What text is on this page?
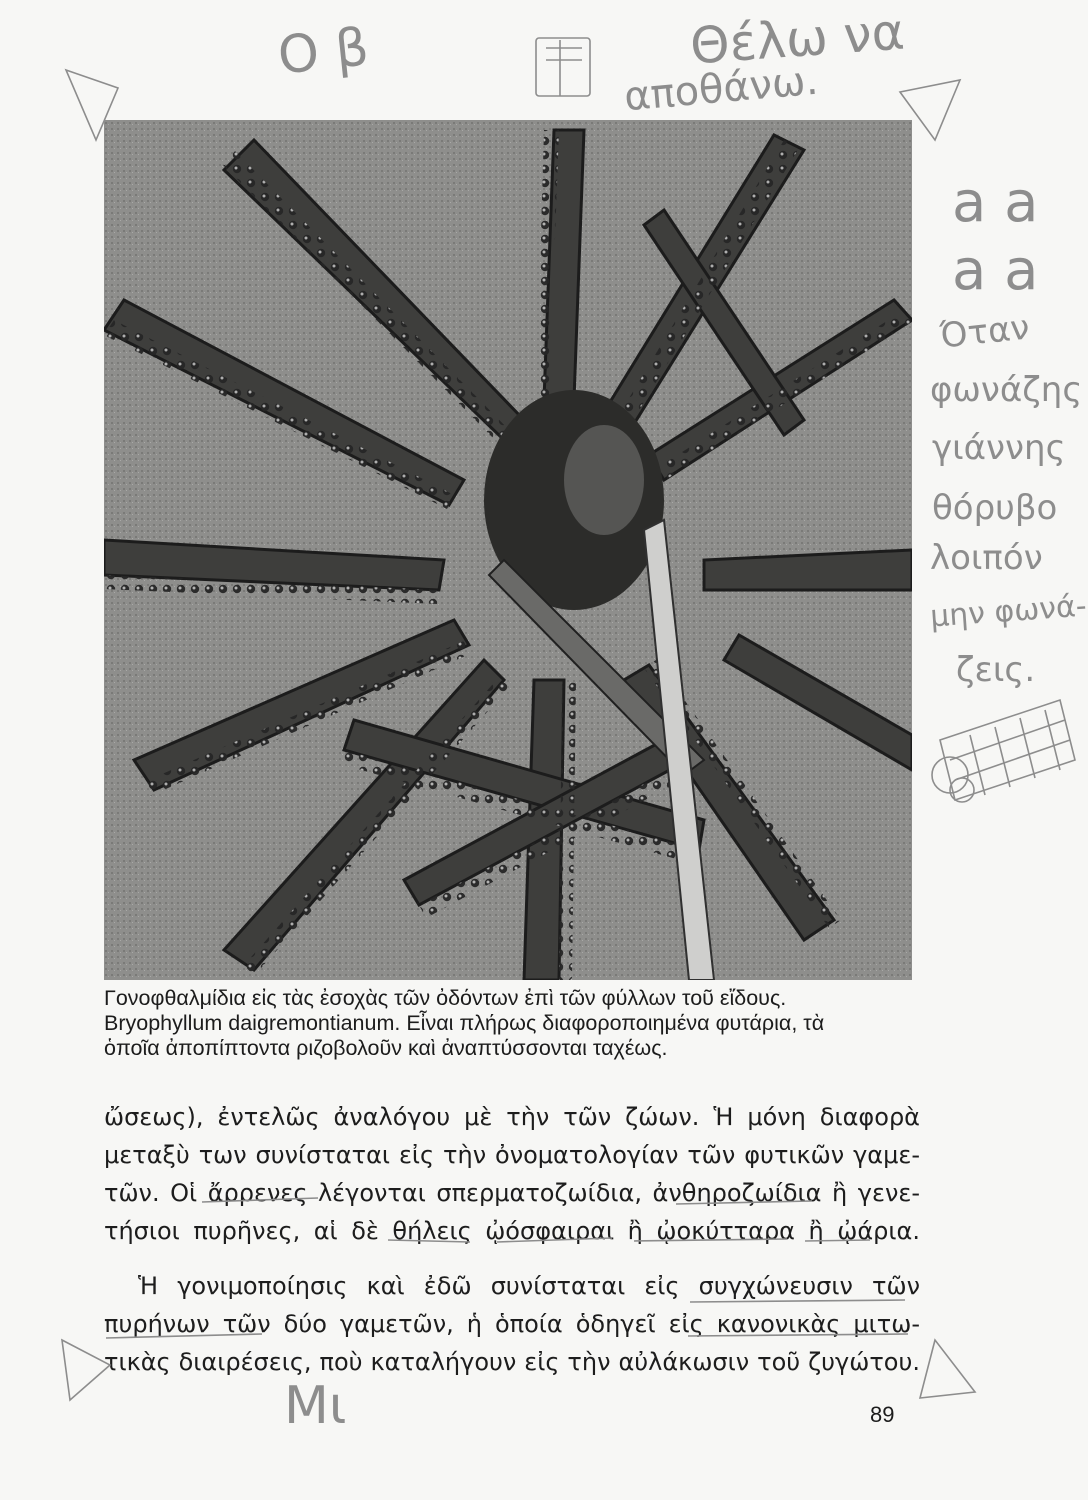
Γονοφθαλμίδια εἰς τὰς ἐσοχὰς τῶν ὀδόντων ἐπὶ τῶν φύλλων τοῦ εἴδους.
Bryophyllum daigremontianum. Εἶναι πλήρως διαφοροποιημένα φυτάρια, τὰ
ὁποῖα ἀποπίπτοντα ριζοβολοῦν καὶ ἀναπτύσσονται ταχέως.
ὤσεως), ἐντελῶς ἀναλόγου μὲ τὴν τῶν ζώων. Ἡ μόνη διαφορὰ
μεταξὺ των συνίσταται εἰς τὴν ὀνοματολογίαν τῶν φυτικῶν γαμε-
τῶν. Οἱ ἄρρενες λέγονται σπερματοζωίδια, ἀνθηροζωίδια ἢ γενε-
τήσιοι πυρῆνες, αἱ δὲ θήλεις ᾠόσφαιραι ἢ ᾠοκύτταρα ἢ ᾠάρια.
Ἡ γονιμοποίησις καὶ ἐδῶ συνίσταται εἰς συγχώνευσιν τῶν
πυρήνων τῶν δύο γαμετῶν, ἡ ὁποία ὁδηγεῖ εἰς κανονικὰς μιτω-
τικὰς διαιρέσεις, ποὺ καταλήγουν εἰς τὴν αὐλάκωσιν τοῦ ζυγώτου.
89
Ο β	Θέλω να
αποθάνω.
a a
a a
Όταν
φωνάζης
γιάννης
θόρυβο
λοιπόν
μην φωνά-
ζεις.
Μι
